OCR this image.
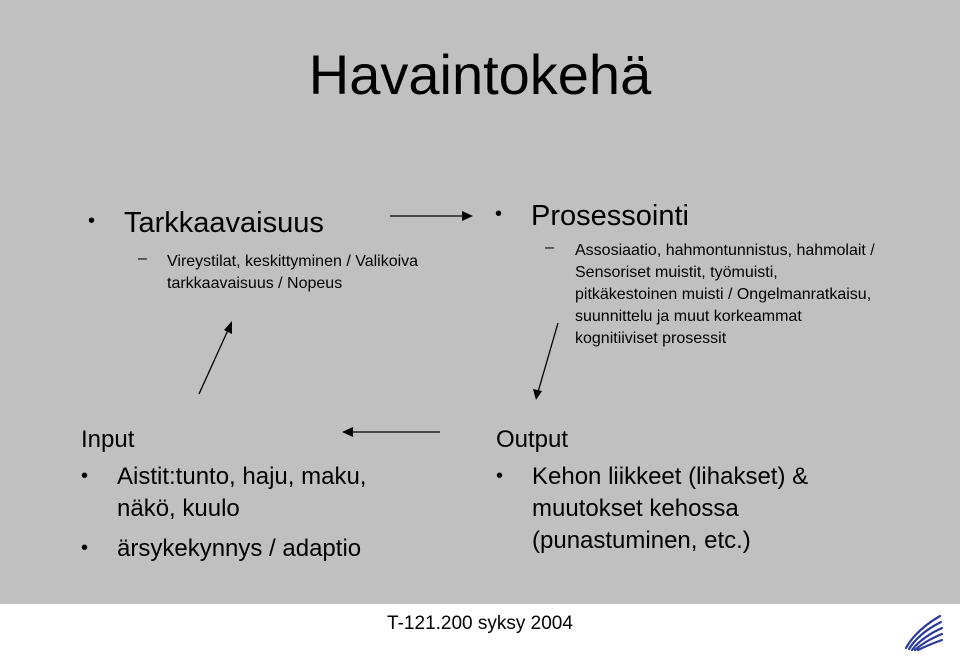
Havaintokehä
• Tarkkaavaisuus
– Vireystilat, keskittyminen / Valikoiva tarkkaavaisuus / Nopeus
• Prosessointi
– Assosiaatio, hahmontunnistus, hahmolait / Sensoriset muistit, työmuisti, pitkäkestoinen muisti / Ongelmanratkaisu, suunnittelu ja muut korkeammat kognitiiviset prosessit
Input
• Aistit:tunto, haju, maku, näkö, kuulo
• ärsykekynnys / adaptio
Output
• Kehon liikkeet (lihakset) & muutokset kehossa (punastuminen, etc.)
T-121.200 syksy 2004
